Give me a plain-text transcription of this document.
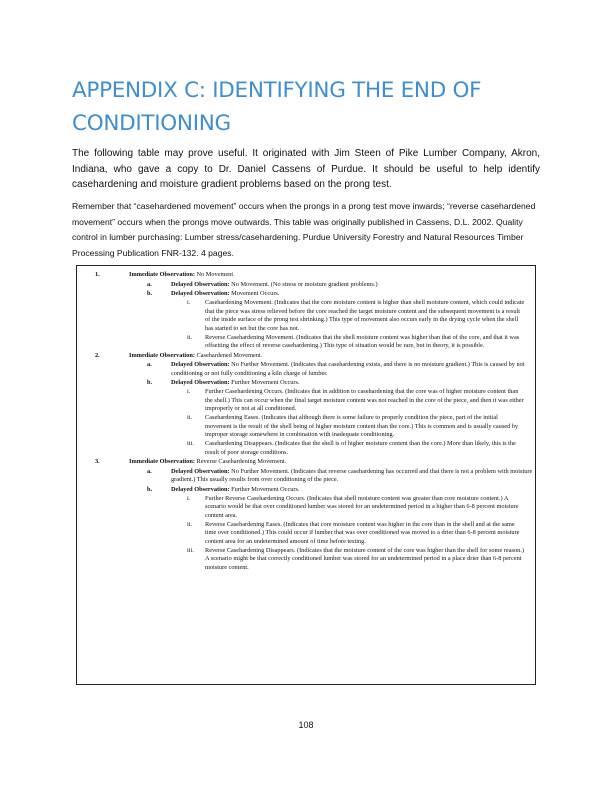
APPENDIX C: IDENTIFYING THE END OF CONDITIONING

The following table may prove useful. It originated with Jim Steen of Pike Lumber Company, Akron, Indiana, who gave a copy to Dr. Daniel Cassens of Purdue. It should be useful to help identify casehardening and moisture gradient problems based on the prong test.

Remember that “casehardened movement” occurs when the prongs in a prong test move inwards; “reverse casehardened movement” occurs when the prongs move outwards. This table was originally published in Cassens, D.L. 2002. Quality control in lumber purchasing: Lumber stress/casehardening. Purdue University Forestry and Natural Resources Timber Processing Publication FNR-132. 4 pages.

1.	Immediate Observation: No Movement
a.	Delayed Observation: No Movement. (No stress or moisture gradient problems.)
b.	Delayed Observation: Movement Occurs.
i. Casehardening Movement. (Indicates that the core moisture content is higher than shell moisture content, which could indicate that the piece was stress relieved before the core reached the target moisture content and the subsequent movement is a result of the inside surface of the prong test shrinking.) This type of movement also occurs early in the drying cycle when the shell has started to set but the core has not.
ii. Reverse Casehardening Movement. (Indicates that the shell moisture content was higher than that of the core, and that it was offsetting the effect of reverse casehardening.) This type of situation would be rare, but in theory, it is possible.
2.	Immediate Observation: Casehardened Movement.
a.	Delayed Observation: No Further Movement. (Indicates that casehardening exists, and there is no moisture gradient.) This is caused by not conditioning or not fully conditioning a kiln charge of lumber.
b.	Delayed Observation: Further Movement Occurs.
i. Further Casehardening Occurs. (Indicates that in addition to casehardening that the core was of higher moisture content than the shell.) This can occur when the final target moisture content was not reached in the core of the piece, and then it was either improperly or not at all conditioned.
ii. Casehardening Eases. (Indicates that although there is some failure to properly condition the piece, part of the initial movement is the result of the shell being of higher moisture content than the core.) This is common and is usually caused by improper storage somewhere in combination with inadequate conditioning.
iii. Casehardening Disappears. (Indicates that the shell is of higher moisture content than the core.) More than likely, this is the result of poor storage conditions.
3.	Immediate Observation: Reverse Casehardening Movement.
a.	Delayed Observation: No Further Movement. (Indicates that reverse casehardening has occurred and that there is not a problem with moisture gradient.) This usually results from over conditioning of the piece.
b.	Delayed Observation: Further Movement Occurs.
i. Further Reverse Casehardening Occurs. (Indicates that shell moisture content was greater than core moisture content.) A scenario would be that over conditioned lumber was stored for an undetermined period in a higher than 6-8 percent moisture content area.
ii. Reverse Casehardening Eases. (Indicates that core moisture content was higher in the core than in the shell and at the same time over conditioned.) This could occur if lumber that was over conditioned was moved to a drier than 6-8 percent moisture content area for an undetermined amount of time before testing.
iii. Reverse Casehardening Disappears. (Indicates that the moisture content of the core was higher than the shell for some reason.) A scenario might be that correctly conditioned lumber was stored for an undetermined period in a place drier than 6-8 percent moisture content.
108
